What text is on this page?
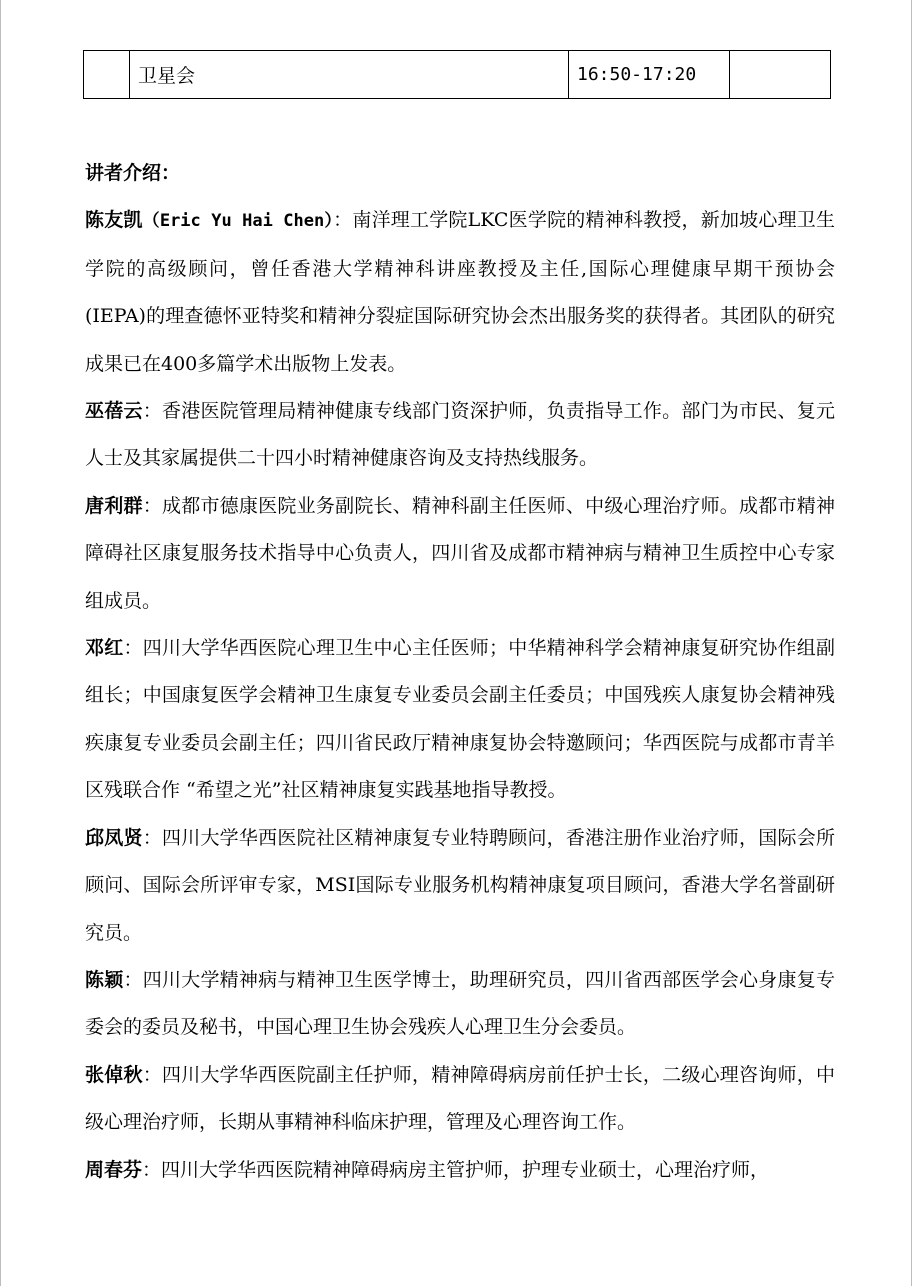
	卫星会	16:50-17:20	
讲者介绍：

陈友凯（Eric Yu Hai Chen）：南洋理工学院LKC医学院的精神科教授，新加坡心理卫生学院的高级顾问，曾任香港大学精神科讲座教授及主任,国际心理健康早期干预协会(IEPA)的理查德怀亚特奖和精神分裂症国际研究协会杰出服务奖的获得者。其团队的研究成果已在400多篇学术出版物上发表。

巫蓓云：香港医院管理局精神健康专线部门资深护师，负责指导工作。部门为市民、复元人士及其家属提供二十四小时精神健康咨询及支持热线服务。

唐利群：成都市德康医院业务副院长、精神科副主任医师、中级心理治疗师。成都市精神障碍社区康复服务技术指导中心负责人，四川省及成都市精神病与精神卫生质控中心专家组成员。

邓红：四川大学华西医院心理卫生中心主任医师；中华精神科学会精神康复研究协作组副组长；中国康复医学会精神卫生康复专业委员会副主任委员；中国残疾人康复协会精神残疾康复专业委员会副主任；四川省民政厅精神康复协会特邀顾问；华西医院与成都市青羊区残联合作 “希望之光”社区精神康复实践基地指导教授。

邱凤贤：四川大学华西医院社区精神康复专业特聘顾问，香港注册作业治疗师，国际会所顾问、国际会所评审专家，MSI国际专业服务机构精神康复项目顾问，香港大学名誉副研究员。

陈颖：四川大学精神病与精神卫生医学博士，助理研究员，四川省西部医学会心身康复专委会的委员及秘书，中国心理卫生协会残疾人心理卫生分会委员。

张倬秋：四川大学华西医院副主任护师，精神障碍病房前任护士长，二级心理咨询师，中级心理治疗师，长期从事精神科临床护理，管理及心理咨询工作。

周春芬：四川大学华西医院精神障碍病房主管护师，护理专业硕士，心理治疗师，
